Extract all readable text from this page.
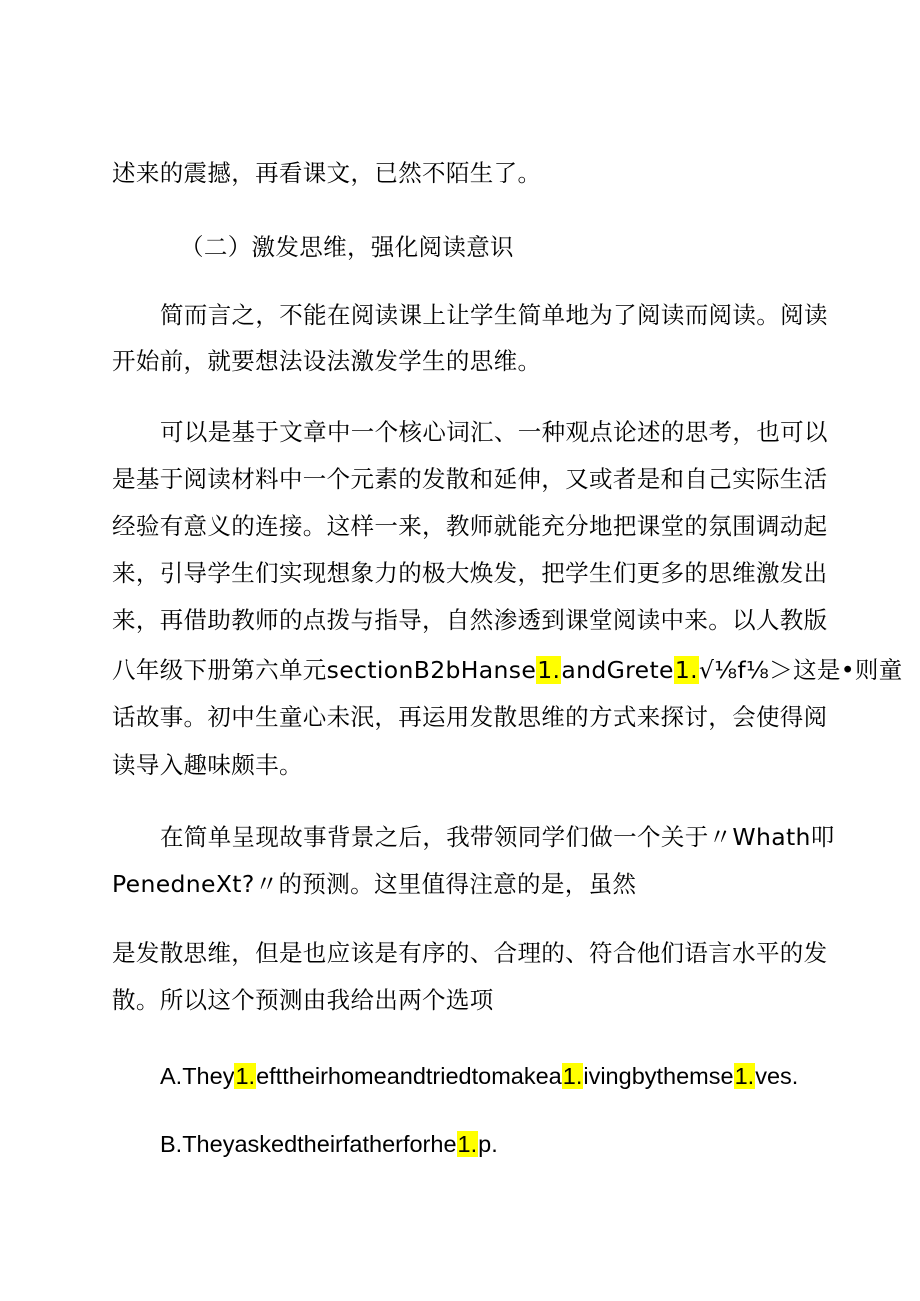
述来的震撼，再看课文，已然不陌生了。
（二）激发思维，强化阅读意识
简而言之，不能在阅读课上让学生简单地为了阅读而阅读。阅读
开始前，就要想法设法激发学生的思维。
可以是基于文章中一个核心词汇、一种观点论述的思考，也可以
是基于阅读材料中一个元素的发散和延伸，又或者是和自己实际生活
经验有意义的连接。这样一来，教师就能充分地把课堂的氛围调动起
来，引导学生们实现想象力的极大焕发，把学生们更多的思维激发出
来，再借助教师的点拨与指导，自然渗透到课堂阅读中来。以人教版
八年级下册第六单元sectionB2bHanse1.andGrete1.√⅛f⅛＞这是•则童
话故事。初中生童心未泯，再运用发散思维的方式来探讨，会使得阅
读导入趣味颇丰。
在简单呈现故事背景之后，我带领同学们做一个关于〃Whath叩
PenedneXt?〃的预测。这里值得注意的是，虽然
是发散思维，但是也应该是有序的、合理的、符合他们语言水平的发
散。所以这个预测由我给出两个选项
A.They1.efttheirhomeandtriedtomakea1.ivingbythemse1.ves.
B.Theyaskedtheirfatherforhe1.p.
